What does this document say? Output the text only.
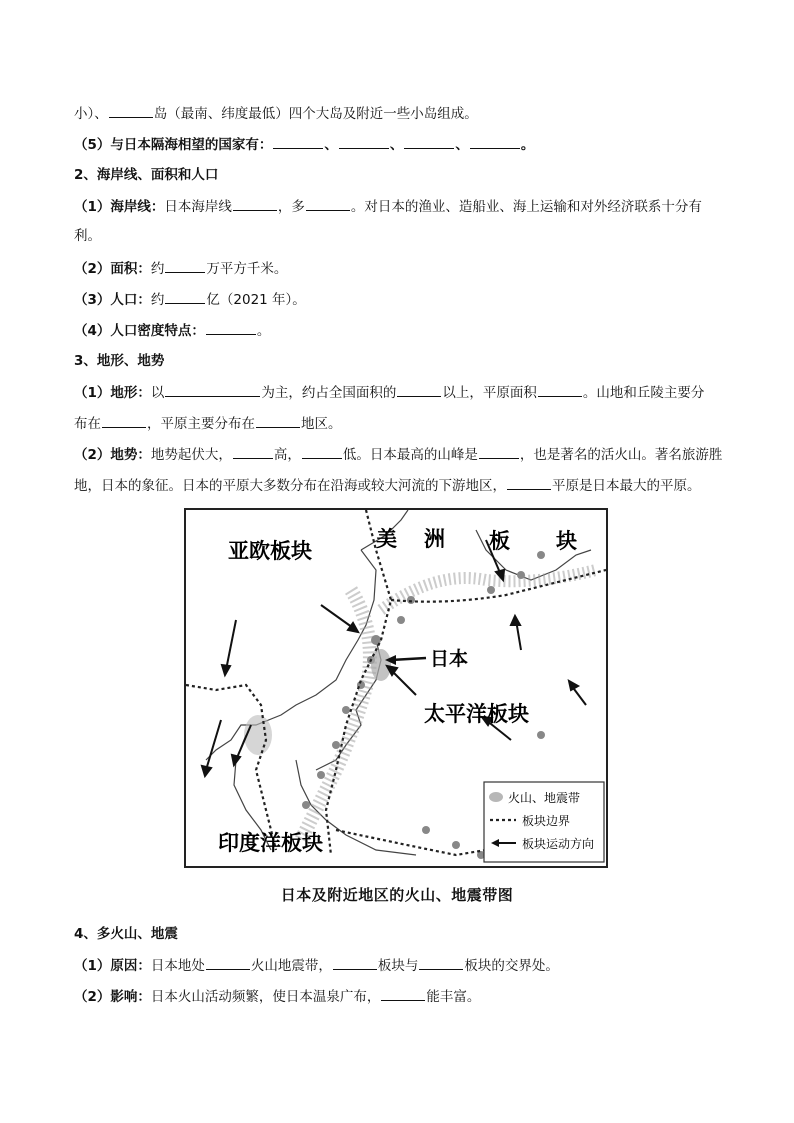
小）、	岛（最南、纬度最低）四个大岛及附近一些小岛组成。
（5）与日本隔海相望的国家有：	、	、	、	。
2、海岸线、面积和人口
（1）海岸线：日本海岸线	，多	。对日本的渔业、造船业、海上运输和对外经济联系十分有
利。
（2）面积：约	万平方千米。
（3）人口：约	亿（2021 年）。
（4）人口密度特点：	。
3、地形、地势
（1）地形：以	为主，约占全国面积的	以上，平原面积	。山地和丘陵主要分
布在	，平原主要分布在	地区。
（2）地势：地势起伏大，	高，	低。日本最高的山峰是	，也是著名的活火山。著名旅游胜
地，日本的象征。日本的平原大多数分布在沿海或较大河流的下游地区，	平原是日本最大的平原。
亚欧板块	美 洲 板 块
日本
太平洋板块
印度洋板块
火山、地震带
板块边界
板块运动方向
日本及附近地区的火山、地震带图
4、多火山、地震
（1）原因：日本地处	火山地震带，	板块与	板块的交界处。
（2）影响：日本火山活动频繁，使日本温泉广布，	能丰富。
